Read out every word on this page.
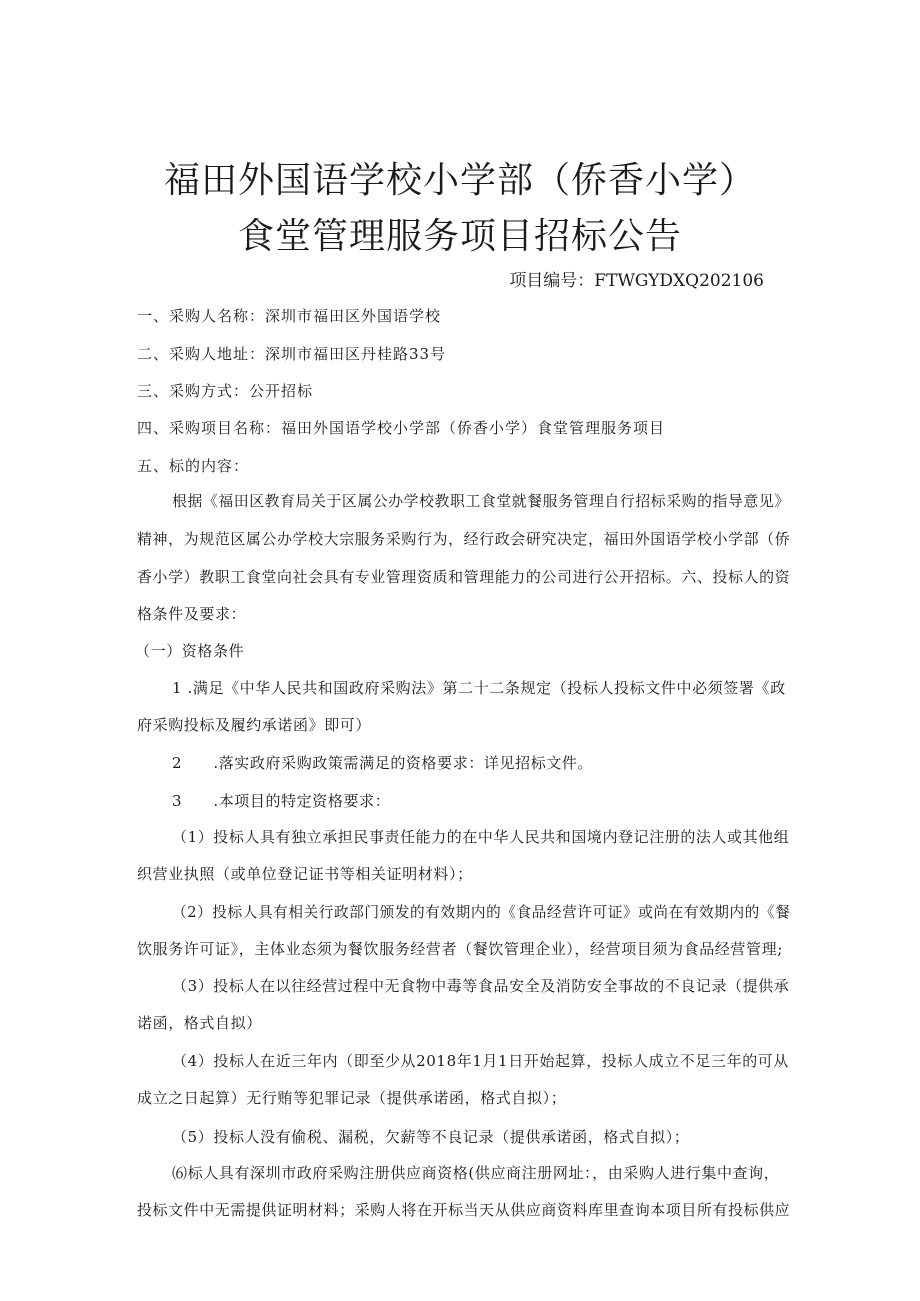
福田外国语学校小学部（侨香小学）
食堂管理服务项目招标公告
项目编号：FTWGYDXQ202106
一、采购人名称：深圳市福田区外国语学校
二、采购人地址：深圳市福田区丹桂路33号
三、采购方式：公开招标
四、采购项目名称：福田外国语学校小学部（侨香小学）食堂管理服务项目
五、标的内容：
根据《福田区教育局关于区属公办学校教职工食堂就餐服务管理自行招标采购的指导意见》
精神，为规范区属公办学校大宗服务采购行为，经行政会研究决定，福田外国语学校小学部（侨
香小学）教职工食堂向社会具有专业管理资质和管理能力的公司进行公开招标。六、投标人的资
格条件及要求：
（一）资格条件
1 .满足《中华人民共和国政府采购法》第二十二条规定（投标人投标文件中必须签署《政
府采购投标及履约承诺函》即可）
2　　.落实政府采购政策需满足的资格要求：详见招标文件。
3　　.本项目的特定资格要求：
（1）投标人具有独立承担民事责任能力的在中华人民共和国境内登记注册的法人或其他组
织营业执照（或单位登记证书等相关证明材料）；
（2）投标人具有相关行政部门颁发的有效期内的《食品经营许可证》或尚在有效期内的《餐
饮服务许可证》，主体业态须为餐饮服务经营者（餐饮管理企业），经营项目须为食品经营管理;
（3）投标人在以往经营过程中无食物中毒等食品安全及消防安全事故的不良记录（提供承
诺函，格式自拟）
（4）投标人在近三年内（即至少从2018年1月1日开始起算，投标人成立不足三年的可从
成立之日起算）无行贿等犯罪记录（提供承诺函，格式自拟）；
（5）投标人没有偷税、漏税，欠薪等不良记录（提供承诺函，格式自拟）；
⑹标人具有深圳市政府采购注册供应商资格(供应商注册网址：，由采购人进行集中查询，
投标文件中无需提供证明材料；采购人将在开标当天从供应商资料库里查询本项目所有投标供应
